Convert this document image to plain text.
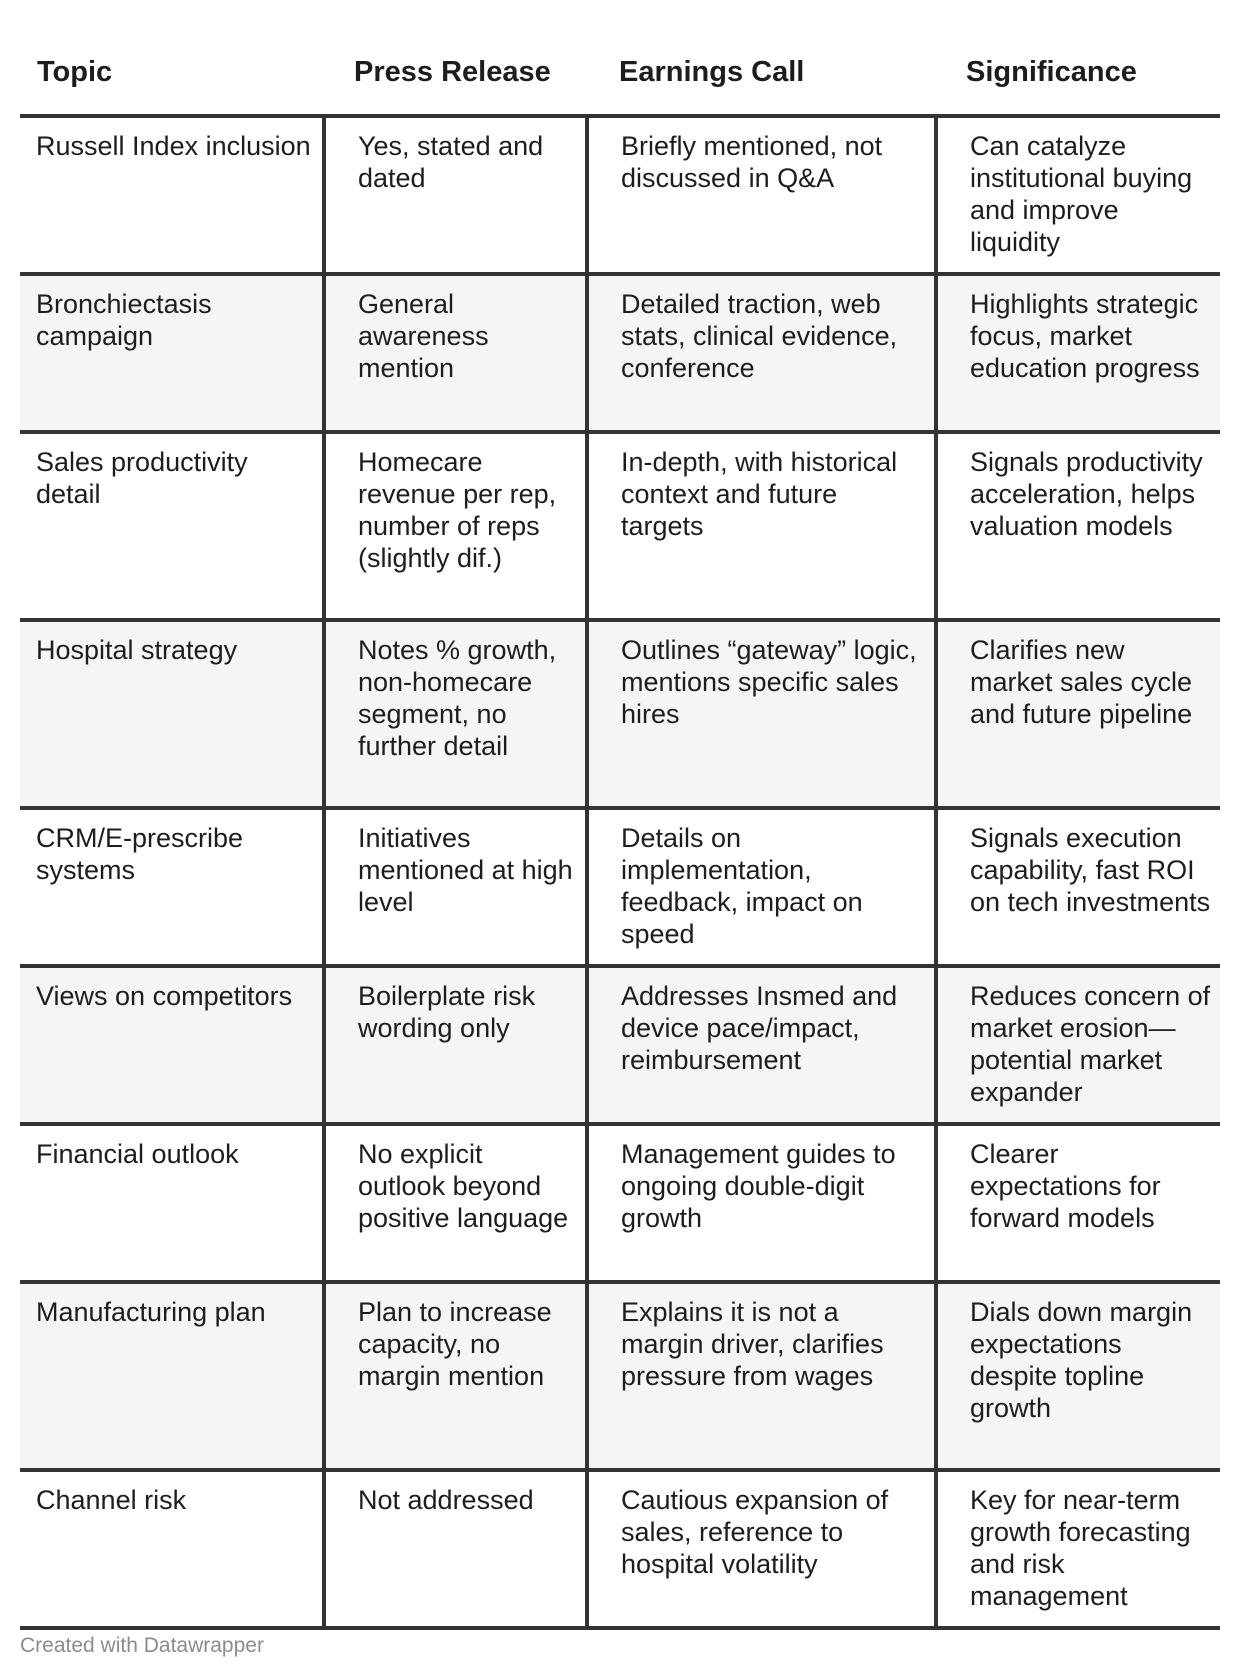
Topic	Press Release	Earnings Call	Significance
Russell Index inclusion	Yes, stated and dated	Briefly mentioned, not discussed in Q&A	Can catalyze institutional buying and improve liquidity
Bronchiectasis campaign	General awareness mention	Detailed traction, web stats, clinical evidence, conference	Highlights strategic focus, market education progress
Sales productivity detail	Homecare revenue per rep, number of reps (slightly dif.)	In-depth, with historical context and future targets	Signals productivity acceleration, helps valuation models
Hospital strategy	Notes % growth, non-homecare segment, no further detail	Outlines “gateway” logic, mentions specific sales hires	Clarifies new market sales cycle and future pipeline
CRM/E-prescribe systems	Initiatives mentioned at high level	Details on implementation, feedback, impact on speed	Signals execution capability, fast ROI on tech investments
Views on competitors	Boilerplate risk wording only	Addresses Insmed and device pace/impact, reimbursement	Reduces concern of market erosion—potential market expander
Financial outlook	No explicit outlook beyond positive language	Management guides to ongoing double-digit growth	Clearer expectations for forward models
Manufacturing plan	Plan to increase capacity, no margin mention	Explains it is not a margin driver, clarifies pressure from wages	Dials down margin expectations despite topline growth
Channel risk	Not addressed	Cautious expansion of sales, reference to hospital volatility	Key for near-term growth forecasting and risk management
Created with Datawrapper
